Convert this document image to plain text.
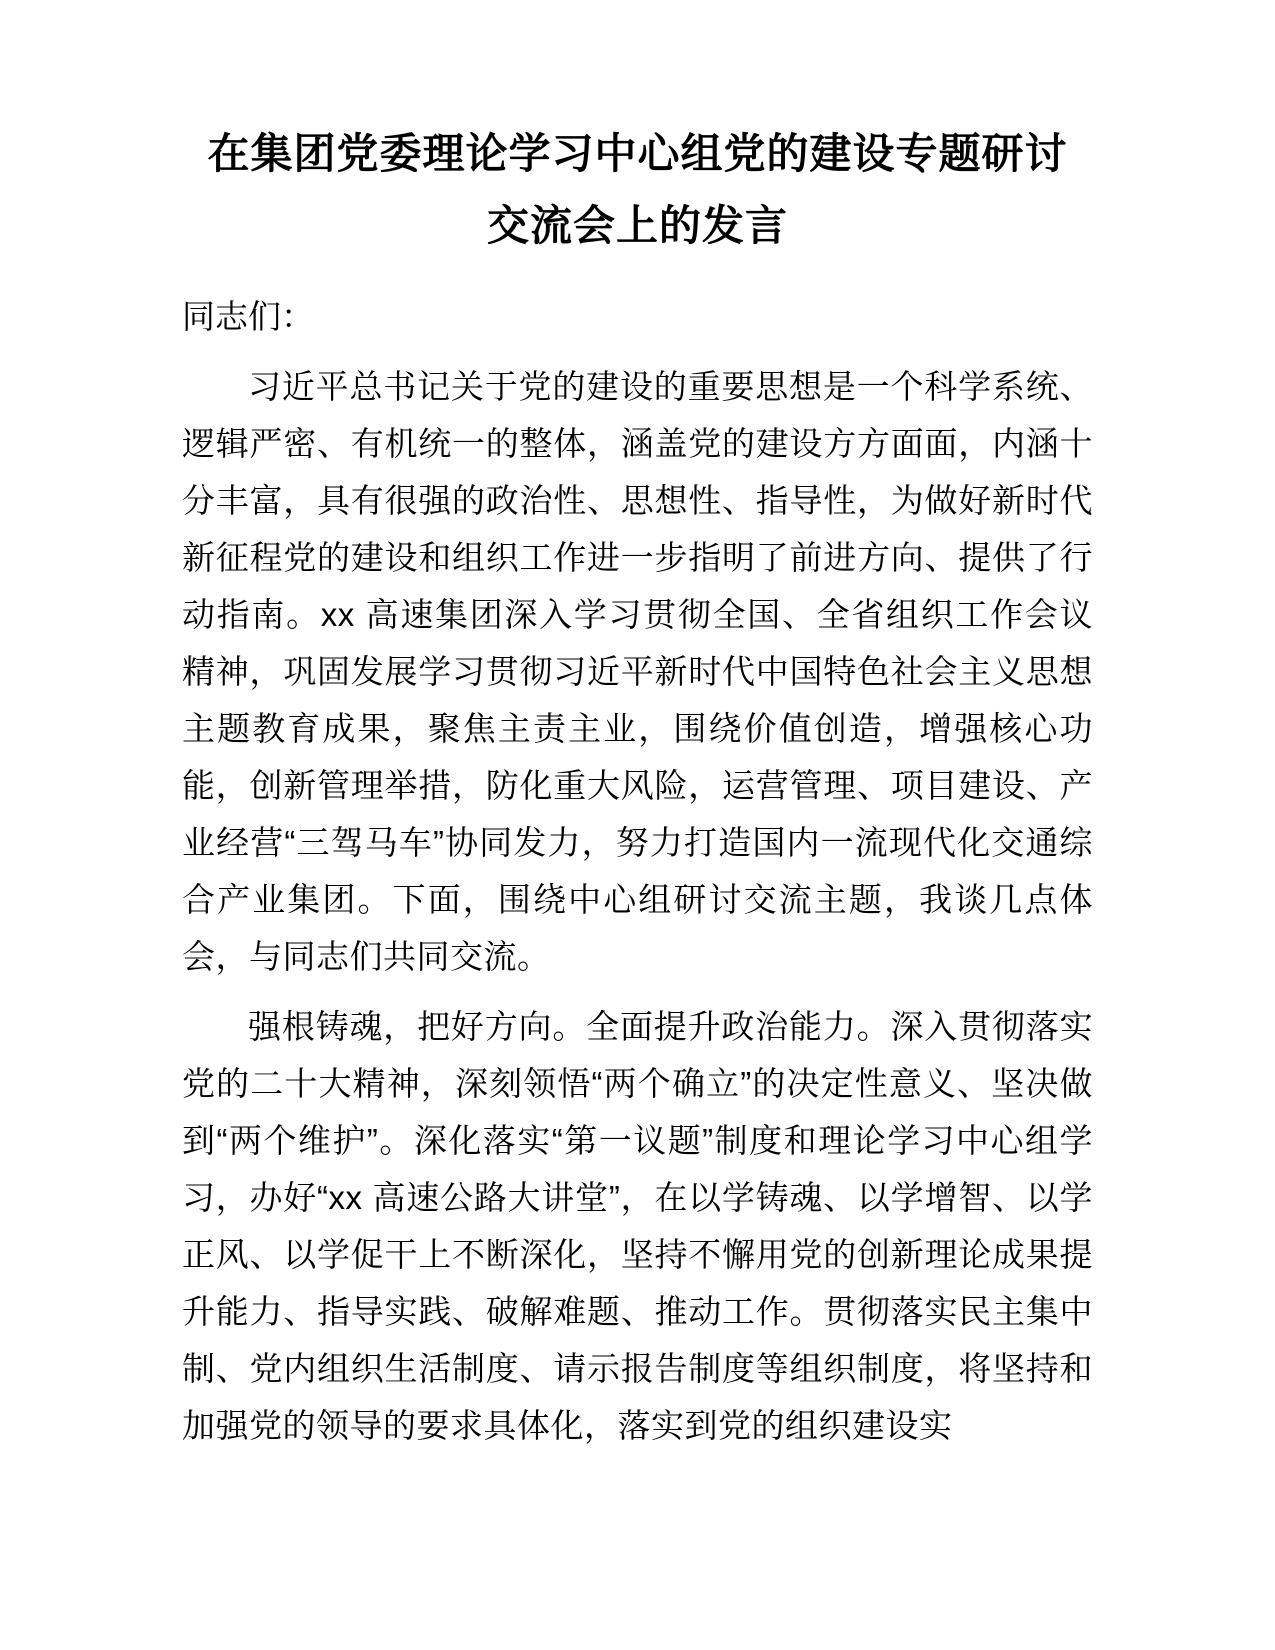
在集团党委理论学习中心组党的建设专题研讨
交流会上的发言

同志们：

习近平总书记关于党的建设的重要思想是一个科学系统、逻辑严密、有机统一的整体，涵盖党的建设方方面面，内涵十分丰富，具有很强的政治性、思想性、指导性，为做好新时代新征程党的建设和组织工作进一步指明了前进方向、提供了行动指南。xx 高速集团深入学习贯彻全国、全省组织工作会议精神，巩固发展学习贯彻习近平新时代中国特色社会主义思想主题教育成果，聚焦主责主业，围绕价值创造，增强核心功能，创新管理举措，防化重大风险，运营管理、项目建设、产业经营“三驾马车”协同发力，努力打造国内一流现代化交通综合产业集团。下面，围绕中心组研讨交流主题，我谈几点体会，与同志们共同交流。

强根铸魂，把好方向。全面提升政治能力。深入贯彻落实党的二十大精神，深刻领悟“两个确立”的决定性意义、坚决做到“两个维护”。深化落实“第一议题”制度和理论学习中心组学习，办好“xx 高速公路大讲堂”，在以学铸魂、以学增智、以学正风、以学促干上不断深化，坚持不懈用党的创新理论成果提升能力、指导实践、破解难题、推动工作。贯彻落实民主集中制、党内组织生活制度、请示报告制度等组织制度，将坚持和加强党的领导的要求具体化，落实到党的组织建设实
